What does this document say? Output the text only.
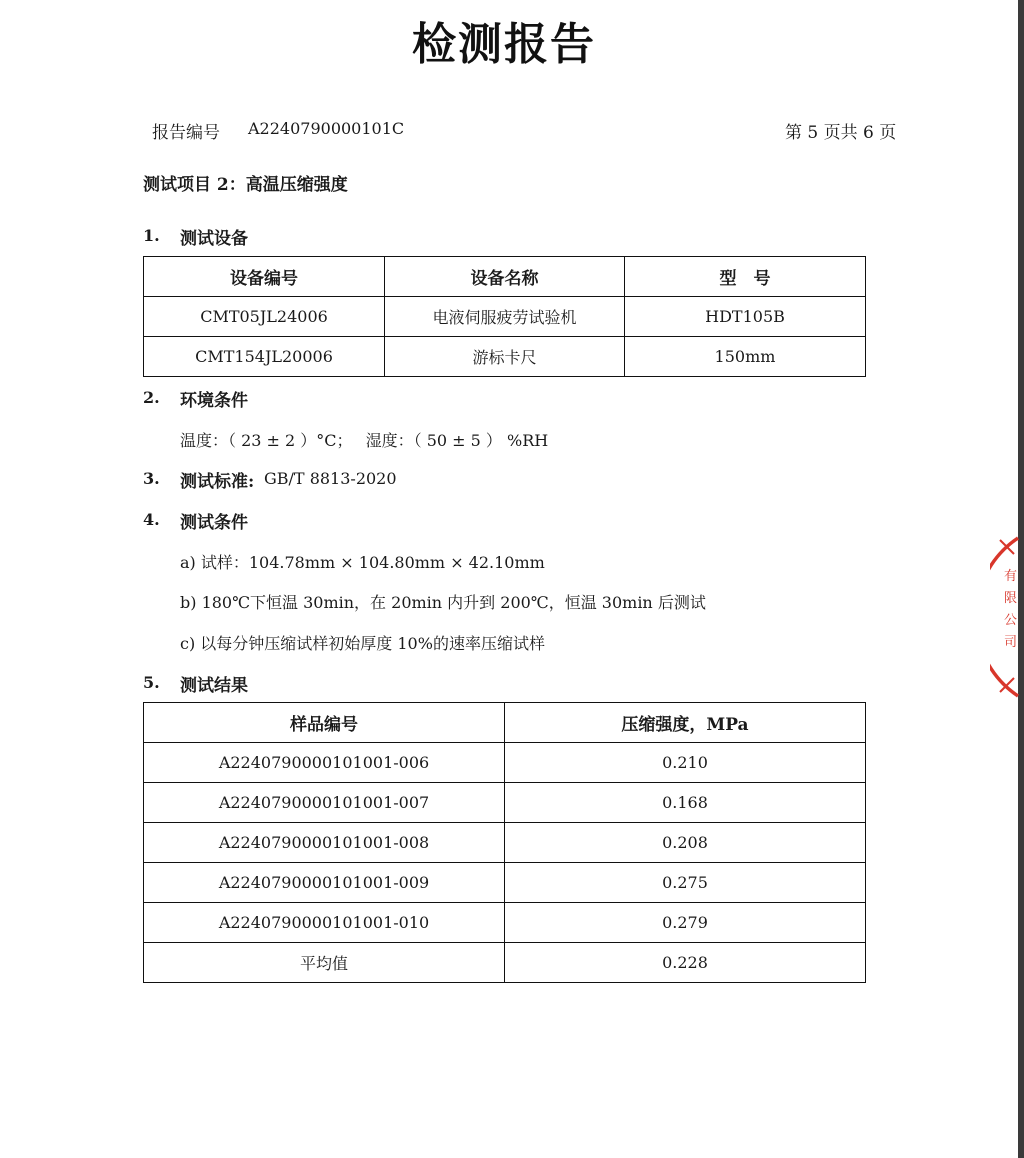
检测报告
报告编号 A2240790000101C	第 5 页共 6 页
测试项目 2：高温压缩强度
1. 测试设备
设备编号	设备名称	型　号
CMT05JL24006	电液伺服疲劳试验机	HDT105B
CMT154JL20006	游标卡尺	150mm
2. 环境条件
温度：（ 23 ± 2 ）°C；　 湿度：（ 50 ± 5 ） %RH
3. 测试标准: GB/T 8813-2020
4. 测试条件
a) 试样：104.78mm × 104.80mm × 42.10mm
b) 180℃下恒温 30min，在 20min 内升到 200℃，恒温 30min 后测试
c) 以每分钟压缩试样初始厚度 10%的速率压缩试样
5. 测试结果
样品编号	压缩强度，MPa
A2240790000101001-006	0.210
A2240790000101001-007	0.168
A2240790000101001-008	0.208
A2240790000101001-009	0.275
A2240790000101001-010	0.279
平均值	0.228
有
限
公
司
